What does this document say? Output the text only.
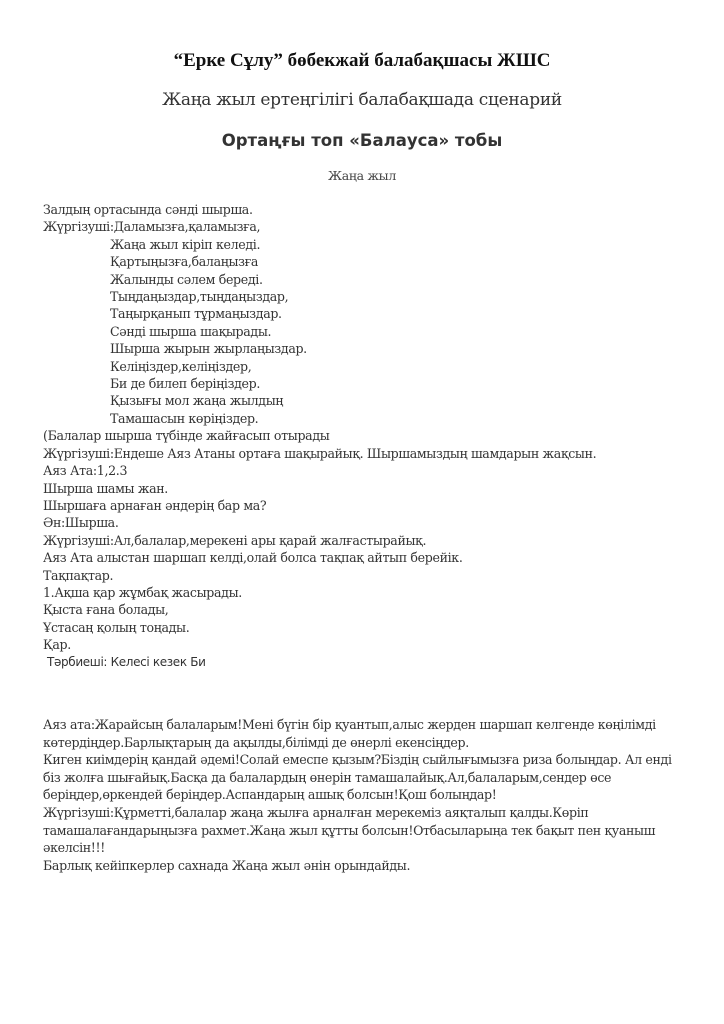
“Ерке Сұлу” бөбекжай балабақшасы ЖШС
Жаңа жыл ертеңгілігі балабақшада сценарий
Ортаңғы топ «Балауса» тобы
Жаңа жыл
Залдың ортасында сәнді шырша.
Жүргізуші:Даламызға,қаламызға,
Жаңа жыл кіріп келеді.
Қартыңызға,балаңызға
Жалынды сәлем береді.
Тыңдаңыздар,тыңдаңыздар,
Таңырқанып тұрмаңыздар.
Сәнді шырша шақырады.
Шырша жырын жырлаңыздар.
Келіңіздер,келіңіздер,
Би де билеп беріңіздер.
Қызығы мол жаңа жылдың
Тамашасын көріңіздер.
(Балалар шырша түбінде жайғасып отырады
Жүргізуші:Ендеше Аяз Атаны ортаға шақырайық. Шыршамыздың шамдарын жақсын.
Аяз Ата:1,2.3
Шырша шамы жан.
Шыршаға арнаған әндерің бар ма?
Ән:Шырша.
Жүргізуші:Ал,балалар,мерекені ары қарай жалғастырайық.
Аяз Ата алыстан шаршап келді,олай болса тақпақ айтып берейік.
Тақпақтар.
1.Ақша қар жұмбақ жасырады.
Қыста ғана болады,
Ұстасаң қолың тоңады.
Қар.
Тәрбиеші: Келесі кезек Би
Аяз ата:Жарайсың балаларым!Мені бүгін бір қуантып,алыс жерден шаршап келгенде көңілімді
көтердіңдер.Барлықтарың да ақылды,білімді де өнерлі екенсіңдер.
Киген киімдерің қандай әдемі!Солай емеспе қызым?Біздің сыйлығымызға риза болыңдар. Ал енді
біз жолға шығайық.Басқа да балалардың өнерін тамашалайық.Ал,балаларым,сендер өсе
беріңдер,өркендей беріңдер.Аспандарың ашық болсын!Қош болыңдар!
Жүргізуші:Құрметті,балалар жаңа жылға арналған мерекеміз аяқталып қалды.Көріп
тамашалағандарыңызға рахмет.Жаңа жыл құтты болсын!Отбасыларыңа тек бақыт пен қуаныш
әкелсін!!!
Барлық кейіпкерлер сахнада Жаңа жыл әнін орындайды.
